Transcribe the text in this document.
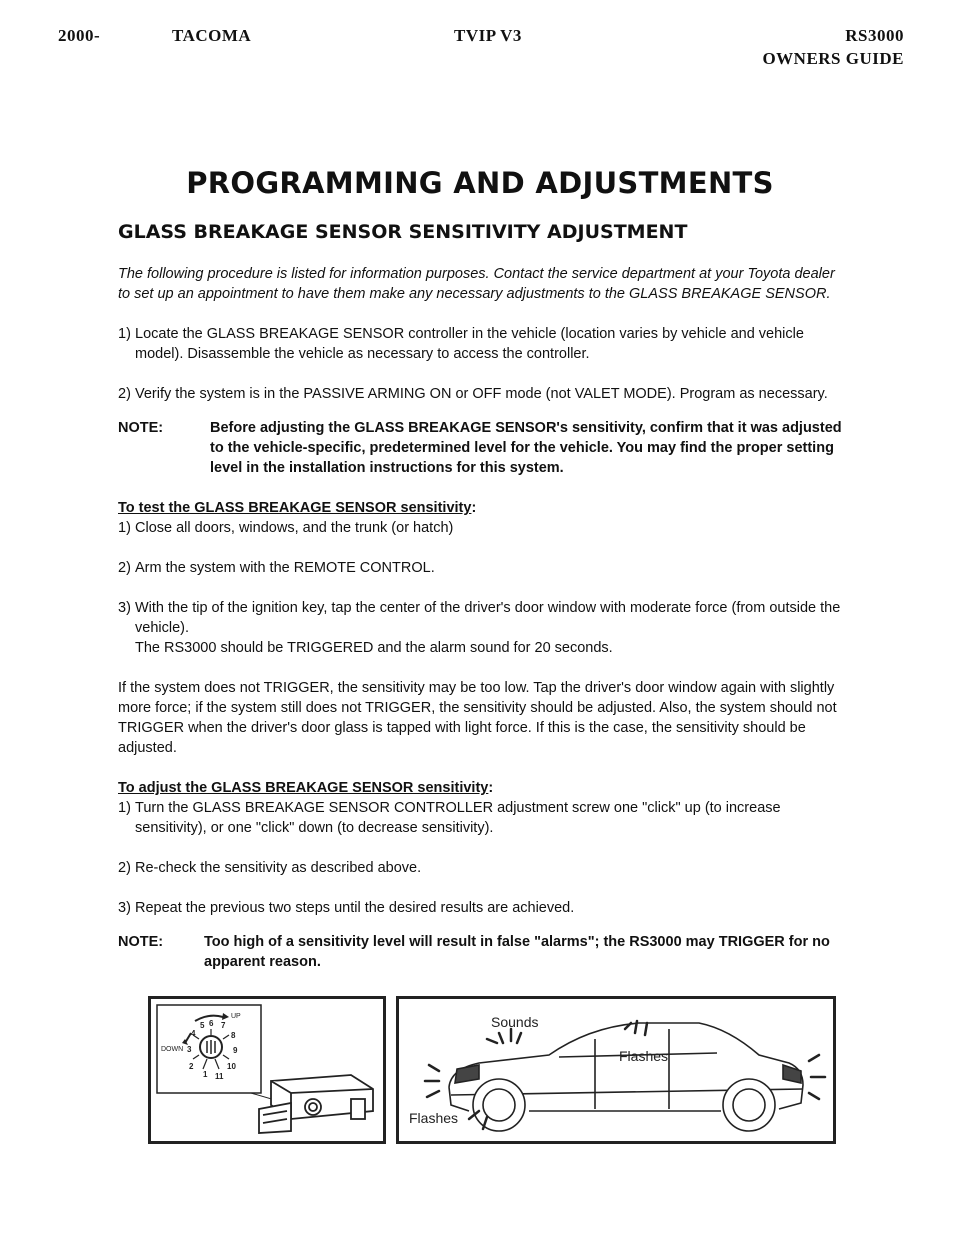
2000-	TACOMA	TVIP V3	RS3000
OWNERS GUIDE
PROGRAMMING AND ADJUSTMENTS
GLASS BREAKAGE SENSOR SENSITIVITY ADJUSTMENT

The following procedure is listed for information purposes. Contact the service department at your Toyota dealer to set up an appointment to have them make any necessary adjustments to the GLASS BREAKAGE SENSOR.

1) Locate the GLASS BREAKAGE SENSOR controller in the vehicle (location varies by vehicle and vehicle model). Disassemble the vehicle as necessary to access the controller.
2) Verify the system is in the PASSIVE ARMING ON or OFF mode (not VALET MODE). Program as necessary.
NOTE:	Before adjusting the GLASS BREAKAGE SENSOR's sensitivity, confirm that it was adjusted to the vehicle-specific, predetermined level for the vehicle. You may find the proper setting level in the installation instructions for this system.

To test the GLASS BREAKAGE SENSOR sensitivity:

1) Close all doors, windows, and the trunk (or hatch)
2) Arm the system with the REMOTE CONTROL.
3) With the tip of the ignition key, tap the center of the driver's door window with moderate force (from outside the vehicle).
The RS3000 should be TRIGGERED and the alarm sound for 20 seconds.

If the system does not TRIGGER, the sensitivity may be too low. Tap the driver's door window again with slightly more force; if the system still does not TRIGGER, the sensitivity should be adjusted. Also, the system should not TRIGGER when the driver's door glass is tapped with light force. If this is the case, the sensitivity should be adjusted.

To adjust the GLASS BREAKAGE SENSOR sensitivity:

1) Turn the GLASS BREAKAGE SENSOR CONTROLLER adjustment screw one "click" up (to increase sensitivity), or one "click" down (to decrease sensitivity).
2) Re-check the sensitivity as described above.
3) Repeat the previous two steps until the desired results are achieved.
NOTE:	Too high of a sensitivity level will result in false "alarms"; the RS3000 may TRIGGER for no apparent reason.
UP
DOWN
1
2
3
4
5 6 7
8
9
10
11
Sounds
Flashes
Flashes
